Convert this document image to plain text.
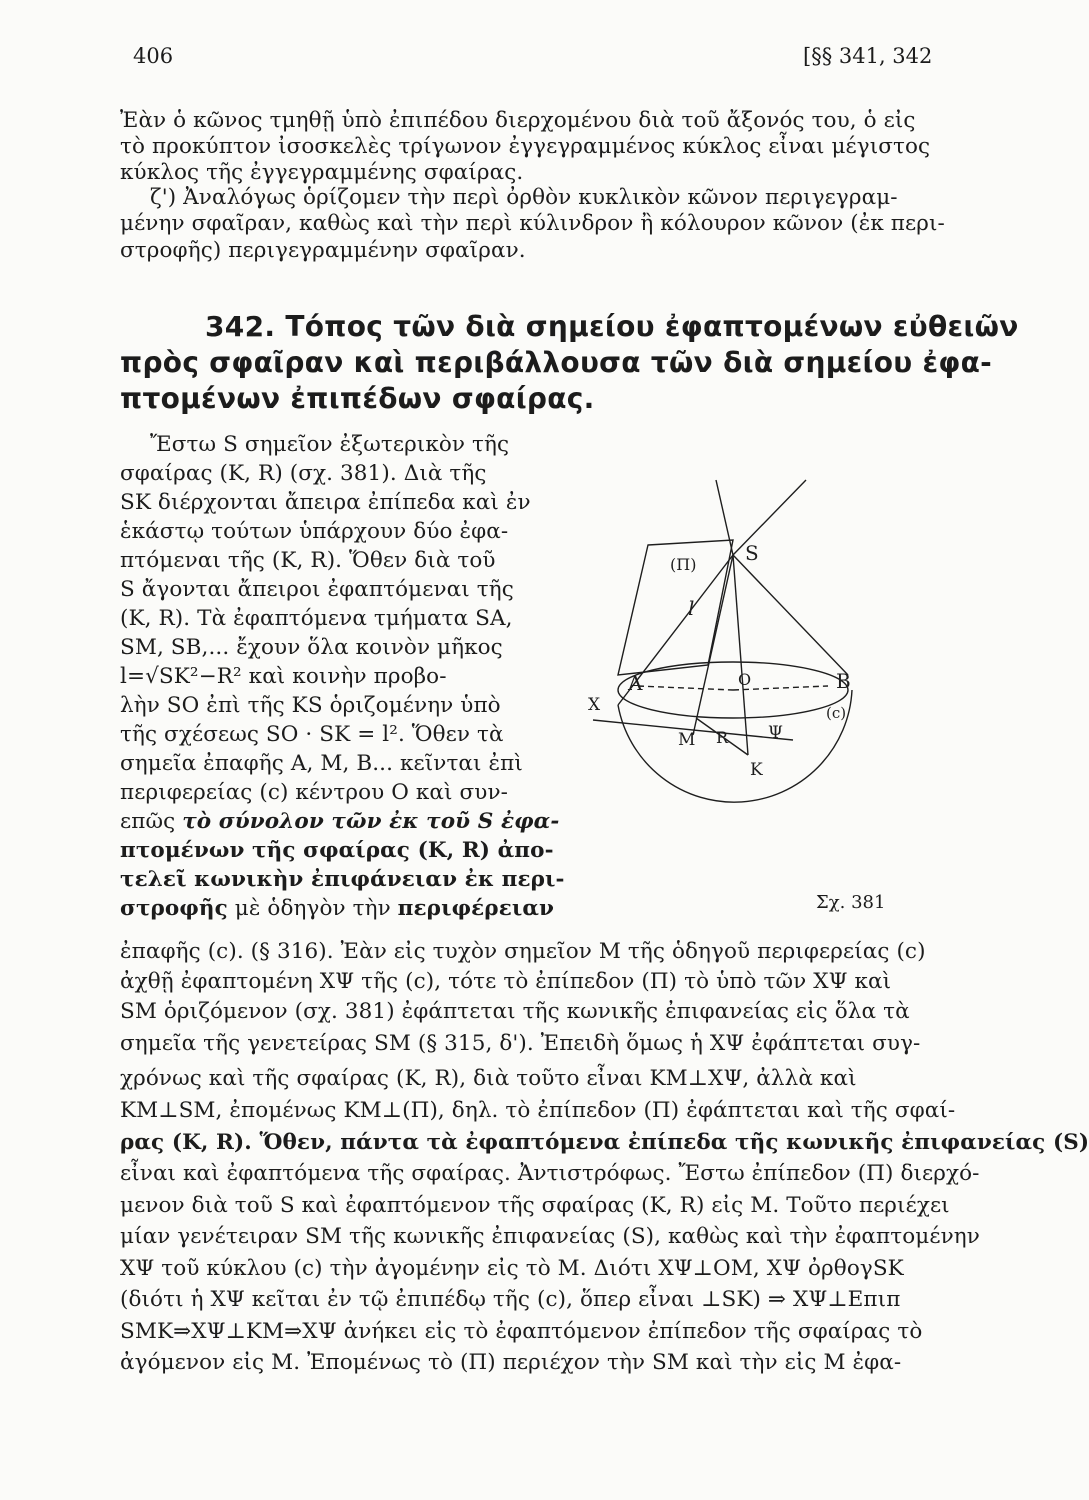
406	[§§ 341, 342
Ἐὰν ὁ κῶνος τμηθῇ ὑπὸ ἐπιπέδου διερχομένου διὰ τοῦ ἄξονός του, ὁ εἰς
τὸ προκύπτον ἰσοσκελὲς τρίγωνον ἐγγεγραμμένος κύκλος εἶναι μέγιστος
κύκλος τῆς ἐγγεγραμμένης σφαίρας.
ζ') Ἀναλόγως ὁρίζομεν τὴν περὶ ὀρθὸν κυκλικὸν κῶνον περιγεγραμ-
μένην σφαῖραν, καθὼς καὶ τὴν περὶ κύλινδρον ἢ κόλουρον κῶνον (ἐκ περι-
στροφῆς) περιγεγραμμένην σφαῖραν.
342. Τόπος τῶν διὰ σημείου ἐφαπτομένων εὐθειῶν
πρὸς σφαῖραν καὶ περιβάλλουσα τῶν διὰ σημείου ἐφα-
πτομένων ἐπιπέδων σφαίρας.
Ἔστω S σημεῖον ἐξωτερικὸν τῆς
σφαίρας (K, R) (σχ. 381). Διὰ τῆς
SK διέρχονται ἄπειρα ἐπίπεδα καὶ ἐν
ἑκάστῳ τούτων ὑπάρχουν δύο ἐφα-
πτόμεναι τῆς (K, R). Ὅθεν διὰ τοῦ
S ἄγονται ἄπειροι ἐφαπτόμεναι τῆς
(K, R). Τὰ ἐφαπτόμενα τμήματα SA,
SM, SB,... ἔχουν ὅλα κοινὸν μῆκος
l=√SK²−R² καὶ κοινὴν προβο-
λὴν SO ἐπὶ τῆς KS ὁριζομένην ὑπὸ
τῆς σχέσεως SO · SK = l². Ὅθεν τὰ
σημεῖα ἐπαφῆς A, M, B... κεῖνται ἐπὶ
περιφερείας (c) κέντρου O καὶ συν-
επῶς τὸ σύνολον τῶν ἐκ τοῦ S ἐφα-
πτομένων τῆς σφαίρας (K, R) ἀπο-
τελεῖ κωνικὴν ἐπιφάνειαν ἐκ περι-
στροφῆς μὲ ὁδηγὸν τὴν περιφέρειαν
ἐπαφῆς (c). (§ 316). Ἐὰν εἰς τυχὸν σημεῖον M τῆς ὁδηγοῦ περιφερείας (c)
ἀχθῇ ἐφαπτομένη XΨ τῆς (c), τότε τὸ ἐπίπεδον (Π) τὸ ὑπὸ τῶν XΨ καὶ
SM ὁριζόμενον (σχ. 381) ἐφάπτεται τῆς κωνικῆς ἐπιφανείας εἰς ὅλα τὰ
σημεῖα τῆς γενετείρας SM (§ 315, δ'). Ἐπειδὴ ὅμως ἡ XΨ ἐφάπτεται συγ-
χρόνως καὶ τῆς σφαίρας (K, R), διὰ τοῦτο εἶναι KM⊥XΨ, ἀλλὰ καὶ
KM⊥SM, ἐπομένως KM⊥(Π), δηλ. τὸ ἐπίπεδον (Π) ἐφάπτεται καὶ τῆς σφαί-
ρας (K, R). Ὅθεν, πάντα τὰ ἐφαπτόμενα ἐπίπεδα τῆς κωνικῆς ἐπιφανείας (S)
εἶναι καὶ ἐφαπτόμενα τῆς σφαίρας. Ἀντιστρόφως. Ἔστω ἐπίπεδον (Π) διερχό-
μενον διὰ τοῦ S καὶ ἐφαπτόμενον τῆς σφαίρας (K, R) εἰς M. Τοῦτο περιέχει
μίαν γενέτειραν SM τῆς κωνικῆς ἐπιφανείας (S), καθὼς καὶ τὴν ἐφαπτομένην
XΨ τοῦ κύκλου (c) τὴν ἀγομένην εἰς τὸ M. Διότι XΨ⊥OM, XΨ ὀρθογSK
(διότι ἡ XΨ κεῖται ἐν τῷ ἐπιπέδῳ τῆς (c), ὅπερ εἶναι ⊥SK) ⇒ XΨ⊥Επιπ
SMK⇒XΨ⊥KM⇒XΨ ἀνήκει εἰς τὸ ἐφαπτόμενον ἐπίπεδον τῆς σφαίρας τὸ
ἀγόμενον εἰς M. Ἐπομένως τὸ (Π) περιέχον τὴν SM καὶ τὴν εἰς M ἐφα-
S
(Π)
l
A	B
O
(c)
X
Ψ
M
K
R
Σχ. 381
